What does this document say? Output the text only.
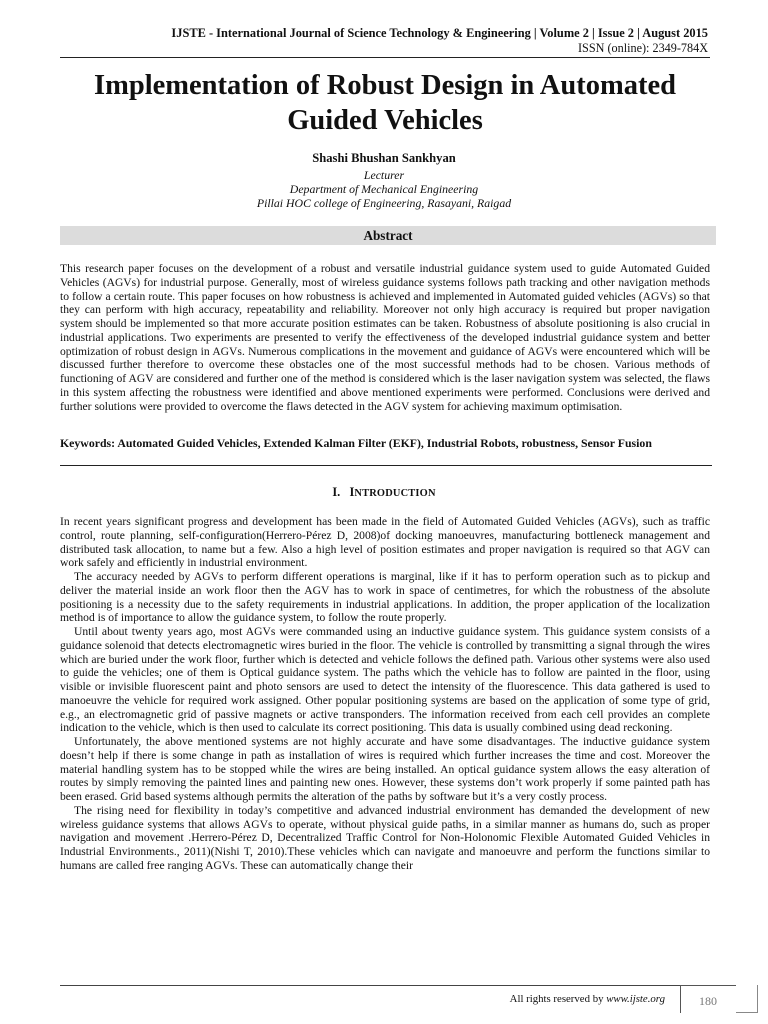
IJSTE - International Journal of Science Technology & Engineering | Volume 2 | Issue 2 | August 2015
ISSN (online): 2349-784X
Implementation of Robust Design in Automated Guided Vehicles
Shashi Bhushan Sankhyan
Lecturer
Department of Mechanical Engineering
Pillai HOC college of Engineering, Rasayani, Raigad
Abstract
This research paper focuses on the development of a robust and versatile industrial guidance system used to guide Automated Guided Vehicles (AGVs) for industrial purpose. Generally, most of wireless guidance systems follows path tracking and other navigation methods to follow a certain route. This paper focuses on how robustness is achieved and implemented in Automated guided vehicles (AGVs) so that they can perform with high accuracy, repeatability and reliability. Moreover not only high accuracy is required but proper navigation system should be implemented so that more accurate position estimates can be taken. Robustness of absolute positioning is also crucial in industrial applications. Two experiments are presented to verify the effectiveness of the developed industrial guidance system and better optimization of robust design in AGVs. Numerous complications in the movement and guidance of AGVs were encountered which will be discussed further therefore to overcome these obstacles one of the most successful methods had to be chosen. Various methods of functioning of AGV are considered and further one of the method is considered which is the laser navigation system was selected, the flaws in this system affecting the robustness were identified and above mentioned experiments were performed. Conclusions were derived and further solutions were provided to overcome the flaws detected in the AGV system for achieving maximum optimisation.
Keywords: Automated Guided Vehicles, Extended Kalman Filter (EKF), Industrial Robots, robustness, Sensor Fusion
I. INTRODUCTION

In recent years significant progress and development has been made in the field of Automated Guided Vehicles (AGVs), such as traffic control, route planning, self-configuration(Herrero-Pérez D, 2008)of docking manoeuvres, manufacturing bottleneck management and distributed task allocation, to name but a few. Also a high level of position estimates and proper navigation is required so that AGV can work safely and efficiently in industrial environment.

The accuracy needed by AGVs to perform different operations is marginal, like if it has to perform operation such as to pickup and deliver the material inside an work floor then the AGV has to work in space of centimetres, for which the robustness of the absolute positioning is a necessity due to the safety requirements in industrial applications. In addition, the proper application of the localization method is of importance to allow the guidance system, to follow the route properly.

Until about twenty years ago, most AGVs were commanded using an inductive guidance system. This guidance system consists of a guidance solenoid that detects electromagnetic wires buried in the floor. The vehicle is controlled by transmitting a signal through the wires which are buried under the work floor, further which is detected and vehicle follows the defined path. Various other systems were also used to guide the vehicles; one of them is Optical guidance system. The paths which the vehicle has to follow are painted in the floor, using visible or invisible fluorescent paint and photo sensors are used to detect the intensity of the fluorescence. This data gathered is used to manoeuvre the vehicle for required work assigned. Other popular positioning systems are based on the application of some type of grid, e.g., an electromagnetic grid of passive magnets or active transponders. The information received from each cell provides an complete indication to the vehicle, which is then used to calculate its correct positioning. This data is usually combined using dead reckoning.

Unfortunately, the above mentioned systems are not highly accurate and have some disadvantages. The inductive guidance system doesn’t help if there is some change in path as installation of wires is required which further increases the time and cost. Moreover the material handling system has to be stopped while the wires are being installed. An optical guidance system allows the easy alteration of routes by simply removing the painted lines and painting new ones. However, these systems don’t work properly if some painted path has been erased. Grid based systems although permits the alteration of the paths by software but it’s a very costly process.

The rising need for flexibility in today’s competitive and advanced industrial environment has demanded the development of new wireless guidance systems that allows AGVs to operate, without physical guide paths, in a similar manner as humans do, such as proper navigation and movement .Herrero-Pérez D, Decentralized Traffic Control for Non-Holonomic Flexible Automated Guided Vehicles in Industrial Environments., 2011)(Nishi T, 2010).These vehicles which can navigate and manoeuvre and perform the functions similar to humans are called free ranging AGVs. These can automatically change their

All rights reserved by www.ijste.org	180
